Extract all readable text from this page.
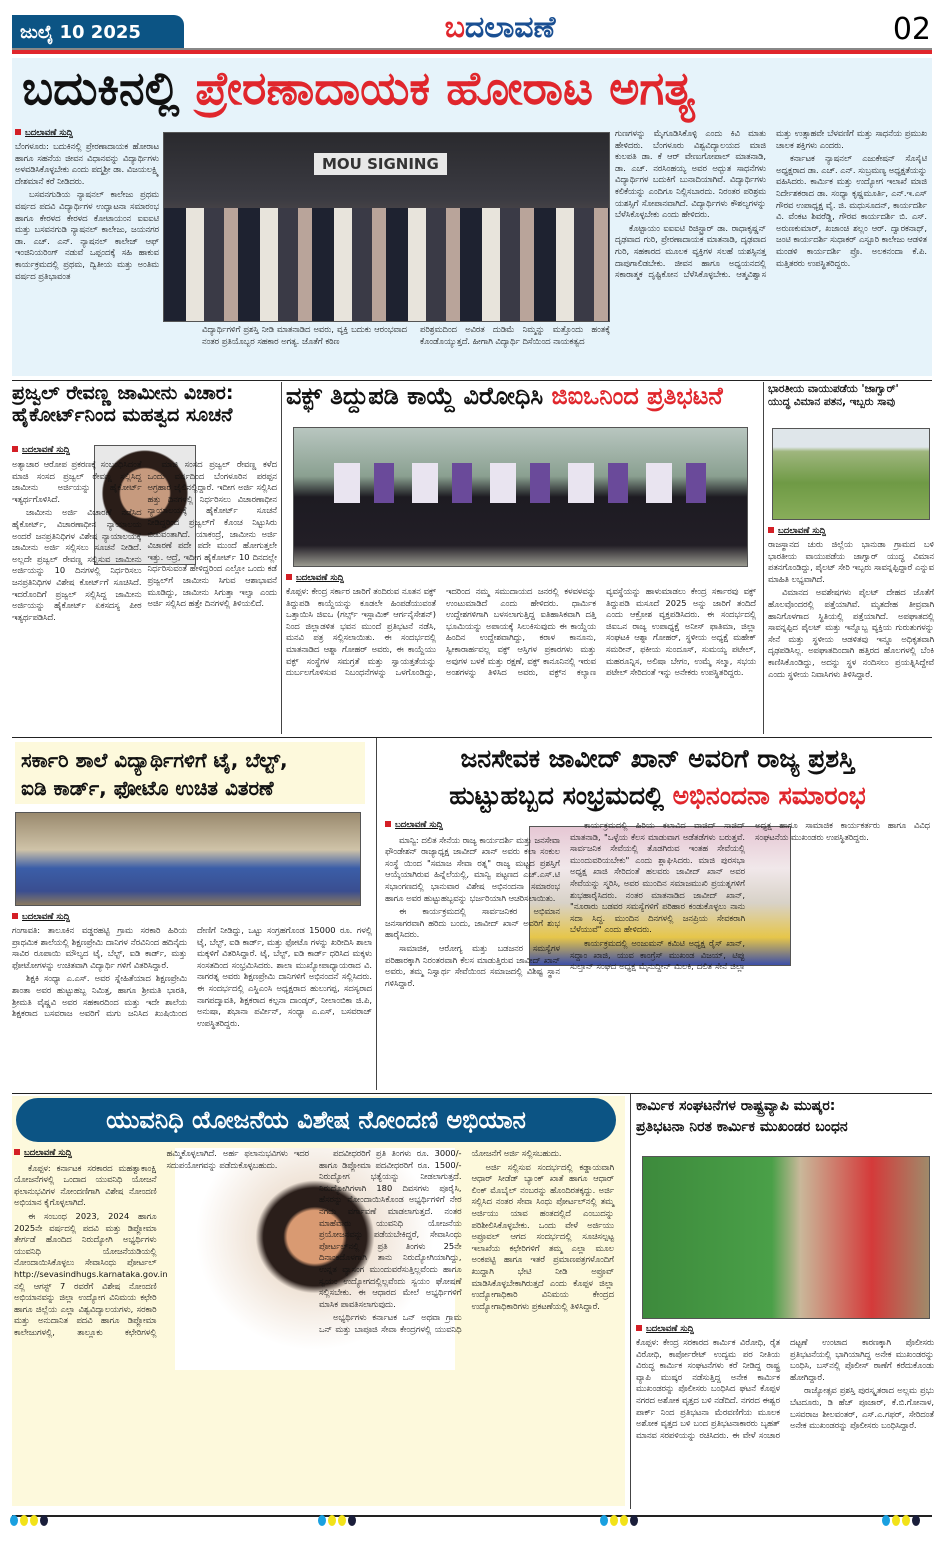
ಜುಲೈ 10 2025	ಬದಲಾವಣೆ	02
ಬದುಕಿನಲ್ಲಿ ಪ್ರೇರಣಾದಾಯಕ ಹೋರಾಟ ಅಗತ್ಯ
ಬದಲಾವಣೆ ಸುದ್ದಿ

ಬೆಂಗಳೂರು: ಬದುಕಿನಲ್ಲಿ ಪ್ರೇರಣಾದಾಯಕ ಹೋರಾಟ ಹಾಗೂ ಸಹನೆಯ ಜೀವನ ವಿಧಾನವನ್ನು ವಿದ್ಯಾರ್ಥಿಗಳು ಅಳವಡಿಸಿಕೊಳ್ಳಬೇಕು ಎಂದು ಪದ್ಮಶ್ರೀ ಡಾ. ವಿಜಯಲಕ್ಷ್ಮಿ ದೇಶಮಾನೆ ಕರೆ ನೀಡಿದರು.

ಬಸವನಗುಡಿಯ ನ್ಯಾಷನಲ್ ಕಾಲೇಜು ಪ್ರಥಮ ವರ್ಷದ ಪದವಿ ವಿದ್ಯಾರ್ಥಿಗಳ ಉದ್ಘಾಟನಾ ಸಮಾರಂಭ ಹಾಗೂ ಕೇರಳದ ಕೇರಳದ ಕೋಟಾಯಂನ ಐಐಐಟಿ ಮತ್ತು ಬಸವನಗುಡಿ ನ್ಯಾಷನಲ್ ಕಾಲೇಜು, ಜಯನಗರ ಡಾ. ಎಚ್. ಎನ್. ನ್ಯಾಷನಲ್ ಕಾಲೇಜ್ ಆಫ್ ಇಂಜಿನಿಯರಿಂಗ್ ನಡುವೆ ಒಪ್ಪಂದಕ್ಕೆ ಸಹಿ ಹಾಕುವ ಕಾರ್ಯಕ್ರಮದಲ್ಲಿ ಪ್ರಥಮ, ದ್ವಿತೀಯ ಮತ್ತು ಅಂತಿಮ ವರ್ಷದ ಪ್ರತಿಭಾವಂತ

MOU SIGNING
ವಿದ್ಯಾರ್ಥಿಗಳಿಗೆ ಪ್ರಶಸ್ತಿ ನೀಡಿ ಮಾತನಾಡಿದ ಅವರು, ವ್ಯಕ್ತಿ ಬದುಕು ಆರಂಭವಾದ ನಂತರ ಪ್ರತಿಯೊಬ್ಬರ ಸಹಕಾರ ಅಗತ್ಯ. ಜೊತೆಗೆ ಕಠಿಣ
ಪರಿಶ್ರಮದಿಂದ ಅವಿರತ ದುಡಿಮೆ ನಿಮ್ಮನ್ನು ಮತ್ತೊಂದು ಹಂತಕ್ಕೆ ಕೊಂಡೊಯ್ಯುತ್ತದೆ. ಹೀಗಾಗಿ ವಿದ್ಯಾರ್ಥಿ ದಿಸೆಯಿಂದ ನಾಯಕತ್ವದ

ಗುಣಗಳನ್ನು ಮೈಗೂಡಿಸಿಕೊಳ್ಳಿ ಎಂದು ಕಿವಿ ಮಾತು ಹೇಳಿದರು. ಬೆಂಗಳೂರು ವಿಶ್ವವಿದ್ಯಾಲಯದ ಮಾಜಿ ಕುಲಪತಿ ಡಾ. ಕೆ ಆರ್ ವೇಣುಗೋಪಾಲ್ ಮಾತನಾಡಿ, ಡಾ. ಎಚ್. ನರಸಿಂಹಯ್ಯ ಅವರ ಅದ್ಭುತ ಸಾಧನೆಗಳು ವಿದ್ಯಾರ್ಥಿಗಳ ಬದುಕಿಗೆ ಬುನಾದಿಯಾಗಿವೆ. ವಿದ್ಯಾರ್ಥಿಗಳು ಕಲಿಕೆಯನ್ನು ಎಂದಿಗೂ ನಿಲ್ಲಿಸಬಾರದು. ನಿರಂತರ ಪರಿಶ್ರಮ ಯಶಸ್ಸಿಗೆ ಸೋಪಾನವಾಗಿದೆ. ವಿದ್ಯಾರ್ಥಿಗಳು ಕೌಶಲ್ಯಗಳನ್ನು ಬೆಳೆಸಿಕೊಳ್ಳಬೇಕು ಎಂದು ಹೇಳಿದರು.

ಕೊಟ್ಟಾಯಂ ಐಐಐಟಿ ರಿಜಿಸ್ಟ್ರಾರ್ ಡಾ. ರಾಧಾಕೃಷ್ಣನ್ ದೃಢವಾದ ಗುರಿ, ಪ್ರೇರಣಾದಾಯಕ ಮಾತನಾಡಿ, ದೃಢವಾದ ಗುರಿ, ಸಹಕಾರದ ಮೂಲಕ ವ್ಯಕ್ತಿಗಳ ಸಲಹೆ ಯಶಸ್ಸಿನತ್ತ ದಾಪುಗಾಲಿಡಬೇಕು. ಜೀವನ ಹಾಗೂ ಅಧ್ಯಯನದಲ್ಲಿ ಸಕಾರಾತ್ಮಕ ದೃಷ್ಟಿಕೋನ ಬೆಳೆಸಿಕೊಳ್ಳಬೇಕು. ಆತ್ಮವಿಶ್ವಾಸ ಮತ್ತು ಉತ್ಸಾಹವೇ ಬೆಳವಣಿಗೆ ಮತ್ತು ಸಾಧನೆಯ ಪ್ರಮುಖ ಚಾಲಕ ಶಕ್ತಿಗಳು ಎಂದರು.

ಕರ್ನಾಟಕ ನ್ಯಾಷನಲ್ ಎಜುಕೇಷನ್ ಸೊಸೈಟಿ ಅಧ್ಯಕ್ಷರಾದ ಡಾ. ಎಚ್. ಎನ್. ಸುಬ್ರಮಣ್ಯ ಅಧ್ಯಕ್ಷತೆಯನ್ನು ವಹಿಸಿದರು. ಕಾರ್ಮಿಕ ಮತ್ತು ಉದ್ಯೋಗ ಇಲಾಖೆ ಮಾಜಿ ನಿರ್ದೇಶಕರಾದ ಡಾ. ಸಂಧ್ಯಾ ಕೃಷ್ಣಮೂರ್ತಿ, ಎನ್.ಇ.ಎಸ್ ಗೌರವ ಉಪಾಧ್ಯಕ್ಷ ವೈ. ಜಿ. ಮಧುಸೂದನ್, ಕಾರ್ಯದರ್ಶಿ ವಿ. ವೆಂಕಟ ಶಿವರೆಡ್ಡಿ, ಗೌರವ ಕಾರ್ಯದರ್ಶಿ ಬಿ. ಎಸ್. ಅರುಣಕುಮಾರ್, ಖಜಾಂಚಿ ಶಲ್ಲಂ ಆರ್. ದ್ವಾರಕನಾಥ್, ಜಂಟಿ ಕಾರ್ಯದರ್ಶಿ ಸುಧಾಕರ್ ಎಸ್ಟೂರಿ ಕಾಲೇಜು ಆಡಳಿತ ಮಂಡಳಿ ಕಾರ್ಯದರ್ಶಿ ಪ್ರೊ. ಅಲಕನಂದಾ ಕೆ.ಪಿ. ಮತ್ತಿತರರು ಉಪಸ್ಥಿತರಿದ್ದರು.

ಪ್ರಜ್ವಲ್ ರೇವಣ್ಣ ಜಾಮೀನು ವಿಚಾರ:
ಹೈಕೋರ್ಟ್‌ನಿಂದ ಮಹತ್ವದ ಸೂಚನೆ
ಬದಲಾವಣೆ ಸುದ್ದಿ

ಅತ್ಯಾಚಾರ ಆರೋಪ ಪ್ರಕರಣಕ್ಕೆ ಸಂಬಂಧಿಸಿದಂತೆ ಮಾಜಿ ಸಂಸದ ಪ್ರಜ್ವಲ್ ರೇವಣ್ಣ ಸಲ್ಲಿಸಿದ್ದ ಜಾಮೀನು ಅರ್ಜಿಯನ್ನು ಹೈಕೋರ್ಟ್ ಇತ್ಯರ್ಥಗೊಳಿಸಿದೆ.

ಜಾಮೀನು ಅರ್ಜಿ ವಿಚಾರಣೆ ನಡೆಸಿದ ಹೈಕೋರ್ಟ್, ವಿಚಾರಣಾಧೀನ ನ್ಯಾಯಾಲಯ ಅಂದರೆ ಜನಪ್ರತಿನಿಧಿಗಳ ವಿಶೇಷ ನ್ಯಾಯಾಲಯಕ್ಕೆ ಜಾಮೀನು ಅರ್ಜಿ ಸಲ್ಲಿಸಲು ಸೂಚನೆ ನೀಡಿದೆ. ಅಲ್ಲದೇ ಪ್ರಜ್ವಲ್ ರೇವಣ್ಣ ಸಲ್ಲಿಸುವ ಜಾಮೀನು ಅರ್ಜಿಯನ್ನು 10 ದಿನಗಳಲ್ಲಿ ನಿರ್ಧರಿಸಲು ಜನಪ್ರತಿನಿಧಿಗಳ ವಿಶೇಷ ಕೋರ್ಟ್‌ಗೆ ಸೂಚಿಸಿದೆ. ಇದರೊಂದಿಗೆ ಪ್ರಜ್ವಲ್ ಸಲ್ಲಿಸಿದ್ದ ಜಾಮೀನು ಅರ್ಜಿಯನ್ನು ಹೈಕೋರ್ಟ್ ಏಕಸದಸ್ಯ ಪೀಠ ಇತ್ಯರ್ಥಪಡಿಸಿದೆ.

ಮಾಜಿ ಸಂಸದ ಪ್ರಜ್ವಲ್ ರೇವಣ್ಣ ಕಳೆದ ಒಂದು ವರ್ಷದಿಂದ ಬೆಂಗಳೂರಿನ ಪರಪ್ಪನ ಅಗ್ರಹಾರ ಜೈಲಿನಲ್ಲಿದ್ದಾರೆ. ಇದೀಗ ಅರ್ಜಿ ಸಲ್ಲಿಸಿದ ಹತ್ತು ದಿನಗಳಲ್ಲಿ ನಿರ್ಧರಿಸಲು ವಿಚಾರಣಾಧೀನ ನ್ಯಾಯಾಲಯಕ್ಕೆ ಹೈಕೋರ್ಟ್ ಸೂಚನೆ ನೀಡಿದ್ದರಿಂದ ಪ್ರಜ್ವಲ್‌ಗೆ ಕೊಂಚ ನಿಟ್ಟುಸಿರು ಬಿಡುವಂತಾಗಿದೆ. ಯಾಕಂದ್ರೆ, ಜಾಮೀನು ಅರ್ಜಿ ವಿಚಾರಣೆ ಪದೇ ಪದೇ ಮುಂದೆ ಹೋಗುತ್ತಲೇ ಇತ್ತು. ಆದ್ರೆ, ಇದೀಗ ಹೈಕೋರ್ಟ್ 10 ದಿನದಲ್ಲೇ ನಿರ್ಧರಿಸುವಂತೆ ಹೇಳಿದ್ದರಿಂದ ಎಲ್ಲೋ ಒಂದು ಕಡೆ ಪ್ರಜ್ವಲ್‌ಗೆ ಜಾಮೀನು ಸಿಗುವ ಆಶಾಭಾವನೆ ಮೂಡಿದ್ದು, ಜಾಮೀನು ಸಿಗುತ್ತಾ ಇಲ್ವಾ ಎಂದು ಅರ್ಜಿ ಸಲ್ಲಿಸಿದ ಹತ್ತೇ ದಿನಗಳಲ್ಲಿ ತಿಳಿಯಲಿದೆ.

ವಕ್ಫ್ ತಿದ್ದುಪಡಿ ಕಾಯ್ದೆ ವಿರೋಧಿಸಿ ಜಿಐಒನಿಂದ ಪ್ರತಿಭಟನೆ
ಬದಲಾವಣೆ ಸುದ್ದಿ

ಕೊಪ್ಪಳ: ಕೇಂದ್ರ ಸರ್ಕಾರ ಜಾರಿಗೆ ತಂದಿರುವ ನೂತನ ವಕ್ಫ್ ತಿದ್ದುಪಡಿ ಕಾಯ್ದೆಯನ್ನು ಕೂಡಲೇ ಹಿಂಪಡೆಯುವಂತೆ ಒತ್ತಾಯಿಸಿ ಜಿಐಒ (ಗರ್ಲ್ಸ್ ಇಸ್ಲಾಮಿಕ್ ಆರ್ಗನೈಸೇಶನ್) ನಿಂದ ಜಿಲ್ಲಾಡಳಿತ ಭವನ ಮುಂದೆ ಪ್ರತಿಭಟನೆ ನಡೆಸಿ, ಮನವಿ ಪತ್ರ ಸಲ್ಲಿಸಲಾಯಿತು. ಈ ಸಂದರ್ಭದಲ್ಲಿ ಮಾತನಾಡಿದ ಆಶ್ನಾ ಗೋಹರ್ ಅವರು, ಈ ಕಾಯ್ದೆಯು ವಕ್ಫ್ ಸಂಸ್ಥೆಗಳ ಸಮಗ್ರತೆ ಮತ್ತು ಸ್ವಾಯತ್ತತೆಯನ್ನು ದುರ್ಬಲಗೊಳಿಸುವ ನಿಬಂಧನೆಗಳನ್ನು ಒಳಗೊಂಡಿದ್ದು, ಇದರಿಂದ ನಮ್ಮ ಸಮುದಾಯದ ಜನರಲ್ಲಿ ಕಳವಳವನ್ನು ಉಂಟುಮಾಡಿದೆ ಎಂದು ಹೇಳಿದರು. ಧಾರ್ಮಿಕ ಉದ್ದೇಶಗಳಿಗಾಗಿ ಬಳಸಲಾಗುತ್ತಿದ್ದ ಐತಿಹಾಸಿಕವಾಗಿ ದತ್ತಿ ಭೂಮಿಯನ್ನು ಅಪಾಯಕ್ಕೆ ಸಿಲುಕಿಸುವುದು ಈ ಕಾಯ್ದೆಯ ಹಿಂದಿನ ಉದ್ದೇಶವಾಗಿದ್ದು, ಕರಾಳ ಕಾನೂನು, ಸ್ವೀಕಾರಾರ್ಹವಲ್ಲ ವಕ್ಫ್ ಆಸ್ತಿಗಳ ಪ್ರಕಾರಗಳು ಮತ್ತು ಅವುಗಳ ಬಳಕೆ ಮತ್ತು ರಕ್ಷಣೆ, ವಕ್ಫ್ ಕಾನೂನಿನಲ್ಲಿ ಇರುವ ಅಂಶಗಳನ್ನು ತಿಳಿಸಿದ ಅವರು, ವಕ್ಫ್‌ನ ಕಲ್ಯಾಣ ವ್ಯವಸ್ಥೆಯನ್ನು ಹಾಳುಮಾಡಲು ಕೇಂದ್ರ ಸರ್ಕಾರವು ವಕ್ಫ್ ತಿದ್ದುಪಡಿ ಮಸೂದೆ 2025 ಅನ್ನು ಜಾರಿಗೆ ತಂದಿದೆ ಎಂದು ಆಕ್ರೋಶ ವ್ಯಕ್ತಪಡಿಸಿದರು. ಈ ಸಂದರ್ಭದಲ್ಲಿ ಜಿಐಒನ ರಾಜ್ಯ ಉಪಾಧ್ಯಕ್ಷೆ ಅನೀಸ್ ಫಾತಿಮಾ, ಜಿಲ್ಲಾ ಸಂಘಟಕಿ ಆಶ್ನಾ ಗೋಹರ್, ಸ್ಥಳೀಯ ಅಧ್ಯಕ್ಷೆ ಮಹೇಕ್ ಸಮರೀನ್, ಫಕೀಯ ಸುಂದೂಸ್, ಸುಮಯ್ಯ ಪಟೇಲ್, ಮಹರೂನ್ನಿಸ, ಅಲಿಷಾ ಬೇಗಂ, ಉಮ್ಮೆ ಸಲ್ಮಾ, ಸಭಯ ಪಟೇಲ್ ಸೇರಿದಂತೆ ಇನ್ನು ಅನೇಕರು ಉಪಸ್ಥಿತರಿದ್ದರು.

ಭಾರತೀಯ ವಾಯುಪಡೆಯ 'ಜಾಗ್ವಾರ್'
ಯುದ್ಧ ವಿಮಾನ ಪತನ, ಇಬ್ಬರು ಸಾವು
ಬದಲಾವಣೆ ಸುದ್ದಿ

ರಾಜಸ್ಥಾನದ ಚುರು ಜಿಲ್ಲೆಯ ಭಾನುಡಾ ಗ್ರಾಮದ ಬಳಿ ಭಾರತೀಯ ವಾಯುಪಡೆಯ ಜಾಗ್ವಾರ್ ಯುದ್ಧ ವಿಮಾನ ಪತನಗೊಂಡಿದ್ದು, ಪೈಲಟ್ ಸೇರಿ ಇಬ್ಬರು ಸಾವನ್ನಪ್ಪಿದ್ದಾರೆ ಎನ್ನುವ ಮಾಹಿತಿ ಲಭ್ಯವಾಗಿದೆ.

ವಿಮಾನದ ಅವಶೇಷಗಳು ಪೈಲಟ್ ದೇಹದ ಜೊತೆಗೆ ಹೊಲವೊಂದರಲ್ಲಿ ಪತ್ತೆಯಾಗಿವೆ. ಮೃತದೇಹ ತೀವ್ರವಾಗಿ ಹಾನಿಗೊಳಗಾದ ಸ್ಥಿತಿಯಲ್ಲಿ ಪತ್ತೆಯಾಗಿದೆ. ಅಪಘಾತದಲ್ಲಿ ಸಾವನ್ನಪ್ಪಿದ ಪೈಲಟ್ ಮತ್ತು ಇನ್ನೊಬ್ಬ ವ್ಯಕ್ತಿಯ ಗುರುತುಗಳನ್ನು ಸೇನೆ ಮತ್ತು ಸ್ಥಳೀಯ ಆಡಳಿತವು ಇನ್ನೂ ಅಧಿಕೃತವಾಗಿ ದೃಢಪಡಿಸಿಲ್ಲ. ಅಪಘಾತದಿಂದಾಗಿ ಹತ್ತಿರದ ಹೊಲಗಳಲ್ಲಿ ಬೆಂಕಿ ಕಾಣಿಸಿಕೊಂಡಿದ್ದು, ಅದನ್ನು ಸ್ಥಳ ನಂದಿಸಲು ಪ್ರಯತ್ನಿಸಿದ್ದೇವೆ ಎಂದು ಸ್ಥಳೀಯ ನಿವಾಸಿಗಳು ತಿಳಿಸಿದ್ದಾರೆ.

ಸರ್ಕಾರಿ ಶಾಲೆ ವಿದ್ಯಾರ್ಥಿಗಳಿಗೆ ಟೈ, ಬೆಲ್ಟ್,
ಐಡಿ ಕಾರ್ಡ್, ಫೋಟೊ ಉಚಿತ ವಿತರಣೆ
ಬದಲಾವಣೆ ಸುದ್ದಿ

ಗಂಗಾವತಿ: ತಾಲೂಕಿನ ವಡ್ಡರಹಟ್ಟಿ ಗ್ರಾಮ ಸರಕಾರಿ ಹಿರಿಯ ಪ್ರಾಥಮಿಕ ಶಾಲೆಯಲ್ಲಿ ಶಿಕ್ಷಣಪ್ರೇಮಿ ದಾನಿಗಳ ನೆರವಿನಿಂದ ಹದಿನೈದು ಸಾವಿರ ರೂಪಾಯಿ ಮೌಲ್ಯದ ಟೈ, ಬೆಲ್ಟ್, ಐಡಿ ಕಾರ್ಡ್, ಮತ್ತು ಫೋಟೋಗಳನ್ನು ಉಚಿತವಾಗಿ ವಿದ್ಯಾರ್ಥಿ ಗಳಿಗೆ ವಿತರಿಸಿದ್ದಾರೆ.

ಶಿಕ್ಷಕಿ ಸಂಧ್ಯಾ ಎ.ಎಸ್. ಅವರ ಸ್ನೇಹಿತೆಯಾದ ಶಿಕ್ಷಣಪ್ರೇಮಿ ಶಾಂತಾ ಅವರ ಹುಟ್ಟುಹಬ್ಬ ನಿಮಿತ್ತ, ಹಾಗೂ ಶ್ರೀಮತಿ ಭಾರತಿ, ಶ್ರೀಮತಿ ವೈಷ್ಣವಿ ಅವರ ಸಹಕಾರದಿಂದ ಮತ್ತು ಇದೇ ಶಾಲೆಯ ಶಿಕ್ಷಕರಾದ ಬಸವರಾಜ ಅವರಿಗೆ ಮಗು ಜನಿಸಿದ ಖುಷಿಯಿಂದ ದೇಣಿಗೆ ನೀಡಿದ್ದು, ಒಟ್ಟು ಸಂಗ್ರಹಗೊಂಡ 15000 ರೂ. ಗಳಲ್ಲಿ ಟೈ, ಬೆಲ್ಟ್, ಐಡಿ ಕಾರ್ಡ್, ಮತ್ತು ಫೋಟೊ ಗಳನ್ನು ಖರೀದಿಸಿ ಶಾಲಾ ಮಕ್ಕಳಿಗೆ ವಿತರಿಸಿದ್ದಾರೆ. ಟೈ, ಬೆಲ್ಟ್, ಐಡಿ ಕಾರ್ಡ್ ಧರಿಸಿದ ಮಕ್ಕಳು ಸಂಸತದಿಂದ ಸಂಭ್ರಮಿಸಿದರು. ಶಾಲಾ ಮುಖ್ಯೋಪಾಧ್ಯಾಯರಾದ ವಿ. ನಾಗರತ್ನ ಅವರು ಶಿಕ್ಷಣಪ್ರೇಮಿ ದಾನಿಗಳಿಗೆ ಅಭಿನಂದನೆ ಸಲ್ಲಿಸಿದರು. ಈ ಸಂದರ್ಭದಲ್ಲಿ ಎಸ್ಡಿಎಂಸಿ ಅಧ್ಯಕ್ಷರಾದ ಹುಲುಗಪ್ಪ, ಸದಸ್ಯರಾದ ನಾಗಪದ್ಮಾವತಿ, ಶಿಕ್ಷಕರಾದ ಕಲ್ಪನಾ ದಾಂಡ್ಕರ್, ನೀಲಾಂಬಿಕಾ ಜಿ.ಪಿ, ಅನುಷಾ, ಶಭಾನಾ ಪರ್ವೀನ್, ಸಂಧ್ಯಾ ಎ.ಎಸ್, ಬಸವರಾಜ್ ಉಪಸ್ಥಿತರಿದ್ದರು.

ಜನಸೇವಕ ಜಾವೀದ್ ಖಾನ್ ಅವರಿಗೆ ರಾಜ್ಯ ಪ್ರಶಸ್ತಿ
ಹುಟ್ಟುಹಬ್ಬದ ಸಂಭ್ರಮದಲ್ಲಿ ಅಭಿನಂದನಾ ಸಮಾರಂಭ
ಬದಲಾವಣೆ ಸುದ್ದಿ

ಮಾನ್ವಿ: ದಲಿತ ಸೇನೆಯ ರಾಜ್ಯ ಕಾರ್ಯದರ್ಶಿ ಮತ್ತು ಜನಸೇವಾ ಫೌಂಡೇಶನ್ ರಾಜ್ಯಾಧ್ಯಕ್ಷ ಜಾವೀದ್ ಖಾನ್ ಅವರು ಕಲಾ ಸಂಕುಲ ಸಂಸ್ಥೆ ಯಿಂದ "ಸಮಾಜ ಸೇವಾ ರತ್ನ" ರಾಜ್ಯ ಮಟ್ಟದ ಪ್ರಶಸ್ತಿಗೆ ಆಯ್ಕೆಯಾಗಿರುವ ಹಿನ್ನೆಲೆಯಲ್ಲಿ, ಮಾನ್ವಿ ಪಟ್ಟಣದ ಎಚ್.ಎಸ್.ಟಿ ಸಭಾಂಗಣದಲ್ಲಿ ಭಾನುವಾರ ವಿಶೇಷ ಅಭಿನಂದನಾ ಸಮಾರಂಭ ಹಾಗೂ ಅವರ ಹುಟ್ಟುಹಬ್ಬವನ್ನು ಭರ್ಜರಿಯಾಗಿ ಆಚರಿಸಲಾಯಿತು.

ಈ ಕಾರ್ಯಕ್ರಮದಲ್ಲಿ ಸಾರ್ವಜನಿಕರ ಅಭಿಮಾನ ಜನಸಾಗರವಾಗಿ ಹರಿದು ಬಂದು, ಜಾವೀದ್ ಖಾನ್ ಅವರಿಗೆ ಶುಭ ಹಾರೈಸಿದರು.

ಸಾಮಾಜಿಕ, ಆರೋಗ್ಯ ಮತ್ತು ಬಡಜನರ ಸಮಸ್ಯೆಗಳ ಪರಿಹಾರಕ್ಕಾಗಿ ನಿರಂತರವಾಗಿ ಕೆಲಸ ಮಾಡುತ್ತಿರುವ ಜಾವೀದ್ ಖಾನ್ ಅವರು, ತಮ್ಮ ನಿಸ್ವಾರ್ಥ ಸೇವೆಯಿಂದ ಸಮಾಜದಲ್ಲಿ ವಿಶಿಷ್ಟ ಸ್ಥಾನ ಗಳಿಸಿದ್ದಾರೆ.

ಕಾರ್ಯಕ್ರಮದಲ್ಲಿ ಹಿರಿಯ ಕಲಾವಿದ ವಾಜಿದ್ ಸಾಜಿದ್ ಮಾತನಾಡಿ, "ಒಳ್ಳೆಯ ಕೆಲಸ ಮಾಡುವಾಗ ಅಡೆತಡೆಗಳು ಬರುತ್ತವೆ. ಸಾರ್ವಜನಿಕ ಸೇವೆಯಲ್ಲಿ ತೊಡಗಿರುವ ಇಂತಹ ಸೇವೆಯಲ್ಲಿ ಮುಂದುವರಿಯಬೇಕು" ಎಂದು ಶ್ಲಾಘಿಸಿದರು. ಮಾಜಿ ಪುರಸಭಾ ಅಧ್ಯಕ್ಷ ಖಾಜಿ ಸೇರಿದಂತೆ ಹಲವರು ಜಾವೀದ್ ಖಾನ್ ಅವರ ಸೇವೆಯನ್ನು ಸ್ಮರಿಸಿ, ಅವರ ಮುಂದಿನ ಸಮಾಜಮುಖಿ ಪ್ರಯತ್ನಗಳಿಗೆ ಶುಭಹಾರೈಸಿದರು. ನಂತರ ಮಾತನಾಡಿದ ಜಾವೀದ್ ಖಾನ್, "ನೂರಾರು ಬಡವರ ಸಮಸ್ಯೆಗಳಿಗೆ ಪರಿಹಾರ ಕಂಡುಕೊಳ್ಳಲು ನಾನು ಸದಾ ಸಿದ್ಧ. ಮುಂದಿನ ದಿನಗಳಲ್ಲಿ ಜನಪ್ರಿಯ ಸೇವಕರಾಗಿ ಬೆಳೆಯುವೆ" ಎಂದು ಹೇಳಿದರು.

ಕಾರ್ಯಕ್ರಮದಲ್ಲಿ ಅಂಜುಮನ್ ಕಮಿಟಿ ಅಧ್ಯಕ್ಷ ರೈಸ್ ಖಾನ್, ಸದ್ದಾಂ ಖಾಜಿ, ಯುವ ಕಾಂಗ್ರೆಸ್ ಮುಖಂಡ ವಿಜಯ್, ಟಿಪ್ಪು ಸುಲ್ತಾನ್ ಸಂಘದ ಅಧ್ಯಕ್ಷ ಮೈನುದ್ದೀನ್ ಮಿಲಕಿ, ದಲಿತ ಸೇನೆ ಜಿಲ್ಲಾ ಅಧ್ಯಕ್ಷ ಹಾಗೂ ಸಾಮಾಜಿಕ ಕಾರ್ಯಕರ್ತರು ಹಾಗೂ ವಿವಿಧ ಸಂಘಟನೆಯ ಮುಖಂಡರು ಉಪಸ್ಥಿತರಿದ್ದರು.

ಯುವನಿಧಿ ಯೋಜನೆಯ ವಿಶೇಷ ನೋಂದಣಿ ಅಭಿಯಾನ
ಬದಲಾವಣೆ ಸುದ್ದಿ

ಕೊಪ್ಪಳ: ಕರ್ನಾಟಕ ಸರಕಾರದ ಮಹತ್ವಾಕಾಂಕ್ಷಿ ಯೋಜನೆಗಳಲ್ಲಿ ಒಂದಾದ ಯುವನಿಧಿ ಯೋಜನೆ ಫಲಾನುಭವಿಗಳ ನೋಂದಣಿಗಾಗಿ ವಿಶೇಷ ನೋಂದಣಿ ಅಭಿಯಾನ ಕೈಗೊಳ್ಳಲಾಗಿದೆ.

ಈ ಸಂಬಂಧ 2023, 2024 ಹಾಗೂ 2025ನೇ ವರ್ಷದಲ್ಲಿ ಪದವಿ ಮತ್ತು ಡಿಪ್ಲೋಮಾ ತೇರ್ಗಡೆ ಹೊಂದಿದ ನಿರುದ್ಯೋಗಿ ಅಭ್ಯರ್ಥಿಗಳು ಯುವನಿಧಿ ಯೋಜನೆಯಡಿಯಲ್ಲಿ ನೋಂದಾಯಿಸಿಕೊಳ್ಳಲು ಸೇವಾಸಿಂಧು ಪೋರ್ಟಲ್ http://sevasindhugs.karnataka.gov.in ನಲ್ಲಿ ಆಗಸ್ಟ್ 7 ರವರೆಗೆ ವಿಶೇಷ ನೋಂದಣಿ ಅಭಿಯಾನವನ್ನು ಜಿಲ್ಲಾ ಉದ್ಯೋಗ ವಿನಿಮಯ ಕಛೇರಿ ಹಾಗೂ ಜಿಲ್ಲೆಯ ಎಲ್ಲಾ ವಿಶ್ವವಿದ್ಯಾಲಯಗಳು, ಸರಕಾರಿ ಮತ್ತು ಅನುದಾನಿತ ಪದವಿ ಹಾಗೂ ಡಿಪ್ಲೋಮಾ ಕಾಲೇಜುಗಳಲ್ಲಿ, ತಾಲ್ಲೂಕು ಕಛೇರಿಗಳಲ್ಲಿ ಹಮ್ಮಿಕೊಳ್ಳಲಾಗಿದೆ. ಅರ್ಹ ಫಲಾನುಭವಿಗಳು ಇದರ ಸದುಪಯೋಗವನ್ನು ಪಡೆದುಕೊಳ್ಳಬಹುದು.

ಪದವೀಧರರಿಗೆ ಪ್ರತಿ ತಿಂಗಳು ರೂ. 3000/- ಹಾಗೂ ಡಿಪ್ಲೋಮಾ ಪದವೀಧರರಿಗೆ ರೂ. 1500/- ನಿರುದ್ಯೋಗ ಭತ್ಯೆಯನ್ನು ನೀಡಲಾಗುತ್ತದೆ. ನಿರುದ್ಯೋಗಿಗಳಾಗಿ 180 ದಿವಸಗಳು ಪೂರೈಸಿ, ಹೆಸರನ್ನು ನೋಂದಾಯಿಸಿಕೊಂಡ ಅಭ್ಯರ್ಥಿಗಳಿಗೆ ನೇರ ನಗದು ವರ್ಗಾವಣೆ ಮಾಡಲಾಗುತ್ತದೆ. ನಂತರ ಮಾಹೆವಾರು ಯುವನಿಧಿ ಯೋಜನೆಯ ಪ್ರಯೋಜನವನ್ನು ಪಡೆಯಬೇಕಿದ್ದರೆ, ಸೇವಾಸಿಂಧು ಪೋರ್ಟಲ್‌ನಲ್ಲಿ ಪ್ರತಿ ತಿಂಗಳು 25ನೇ ದಿನಾಂಕದೊಳಗಾಗಿ ತಾನು ನಿರುದ್ಯೋಗಿಯಾಗಿದ್ದು, ಉನ್ನತ ವ್ಯಾಸಂಗ ಮುಂದುವರೆಸುತ್ತಿಲ್ಲವೆಂದು ಹಾಗೂ ಸ್ವಯಂ ಉದ್ಯೋಗದಲ್ಲಿಲ್ಲವೆಂದು ಸ್ವಯಂ ಘೋಷಣೆ ಸಲ್ಲಿಸಬೇಕು. ಈ ಆಧಾರದ ಮೇಲೆ ಅಭ್ಯರ್ಥಿಗಳಿಗೆ ಮಾಸಿಕ ಪಾವತಿಸಲಾಗುವುದು.

ಅಭ್ಯರ್ಥಿಗಳು ಕರ್ನಾಟಕ ಒನ್ ಅಥವಾ ಗ್ರಾಮ ಒನ್ ಮತ್ತು ಬಾಪೂಜಿ ಸೇವಾ ಕೇಂದ್ರಗಳಲ್ಲಿ ಯುವನಿಧಿ ಯೋಜನೆಗೆ ಅರ್ಜಿ ಸಲ್ಲಿಸಬಹುದು.

ಅರ್ಜಿ ಸಲ್ಲಿಸುವ ಸಂದರ್ಭದಲ್ಲಿ ಕಡ್ಡಾಯವಾಗಿ ಆಧಾರ್ ಸೀಡೆಡ್ ಬ್ಯಾಂಕ್ ಖಾತೆ ಹಾಗೂ ಆಧಾರ್ ಲಿಂಕ್ ಮೊಬೈಲ್ ನಂಬರನ್ನು ಹೊಂದಿರತಕ್ಕದ್ದು. ಅರ್ಜಿ ಸಲ್ಲಿಸಿದ ನಂತರ ಸೇವಾ ಸಿಂಧು ಪೋರ್ಟಲ್‌ನಲ್ಲಿ ತಮ್ಮ ಅರ್ಜಿಯು ಯಾವ ಹಂತದಲ್ಲಿದೆ ಎಂಬುದನ್ನು ಪರಿಶೀಲಿಸಿಕೊಳ್ಳಬೇಕು. ಒಂದು ವೇಳೆ ಅರ್ಜಿಯು ಅಪ್ರೂವಲ್ ಆಗದ ಸಂದರ್ಭದಲ್ಲಿ ಸೂಚಿಸಲ್ಪಟ್ಟ ಇಲಾಖೆಯ ಕಛೇರಿಗಳಿಗೆ ತಮ್ಮ ಎಲ್ಲಾ ಮೂಲ ಅಂಕಪಟ್ಟಿ ಹಾಗೂ ಇತರೆ ಪ್ರಮಾಣಪತ್ರಗಳೊಂದಿಗೆ ಖುದ್ದಾಗಿ ಭೇಟಿ ನೀಡಿ ಅಪ್ರೂವ್ ಮಾಡಿಸಿಕೊಳ್ಳಬೇಕಾಗಿರುತ್ತದೆ ಎಂದು ಕೊಪ್ಪಳ ಜಿಲ್ಲಾ ಉದ್ಯೋಗಾಧಿಕಾರಿ ವಿನಿಮಯ ಕೇಂದ್ರದ ಉದ್ಯೋಗಾಧಿಕಾರಿಗಳು ಪ್ರಕಟಣೆಯಲ್ಲಿ ತಿಳಿಸಿದ್ದಾರೆ.

ಕಾರ್ಮಿಕ ಸಂಘಟನೆಗಳ ರಾಷ್ಟ್ರವ್ಯಾಪಿ ಮುಷ್ಕರ:
ಪ್ರತಿಭಟನಾ ನಿರತ ಕಾರ್ಮಿಕ ಮುಖಂಡರ ಬಂಧನ
ಬದಲಾವಣೆ ಸುದ್ದಿ

ಕೊಪ್ಪಳ: ಕೇಂದ್ರ ಸರಕಾರದ ಕಾರ್ಮಿಕ ವಿರೋಧಿ, ರೈತ ವಿರೋಧಿ, ಕಾರ್ಪೋರೇಟ್ ಉದ್ಯಮ ಪರ ನೀತಿಯ ವಿರುದ್ಧ ಕಾರ್ಮಿಕ ಸಂಘಟನೆಗಳು ಕರೆ ನೀಡಿದ್ದ ರಾಷ್ಟ್ರ ವ್ಯಾಪಿ ಮುಷ್ಕರ ನಡೆಸುತ್ತಿದ್ದ ಅನೇಕ ಕಾರ್ಮಿಕ ಮುಖಂಡರನ್ನು ಪೊಲೀಸರು ಬಂಧಿಸಿದ ಘಟನೆ ಕೊಪ್ಪಳ ನಗರದ ಅಶೋಕ ವೃತ್ತದ ಬಳಿ ನಡೆದಿದೆ. ನಗರದ ಈಶ್ವರ ಪಾರ್ಕ್ ನಿಂದ ಪ್ರತಿಭಟನಾ ಮೆರವಣಿಗೆಯ ಮೂಲಕ ಅಶೋಕ ವೃತ್ತದ ಬಳಿ ಬಂದ ಪ್ರತಿಭಟನಾಕಾರರು ಬೃಹತ್ ಮಾನವ ಸರಪಳಿಯನ್ನು ರಚಿಸಿದರು. ಈ ವೇಳೆ ಸಂಚಾರ ದಟ್ಟಣೆ ಉಂಟಾದ ಕಾರಣಕ್ಕಾಗಿ ಪೊಲೀಸರು ಪ್ರತಿಭಟನೆಯಲ್ಲಿ ಭಾಗಿಯಾಗಿದ್ದ ಅನೇಕ ಮುಖಂಡರನ್ನು ಬಂಧಿಸಿ, ಬಸ್‌ನಲ್ಲಿ ಪೊಲೀಸ್ ಠಾಣೆಗೆ ಕರೆದುಕೊಂಡು ಹೋಗಿದ್ದಾರೆ.

ರಾಜ್ಯೋತ್ಸವ ಪ್ರಶಸ್ತಿ ಪುರಸ್ಕೃತರಾದ ಅಲ್ಲಮ ಪ್ರಭು ಬೆಟದೂರು, ಡಿ ಹೆಚ್ ಪೂಜಾರ್, ಕೆ.ಬಿ.ಗೋನಾಳ, ಬಸವರಾಜ ಶೀಲವಂತರ್, ಎಸ್.ಎ.ಗಫರ್, ಸೇರಿದಂತೆ ಅನೇಕ ಮುಖಂಡರನ್ನು ಪೊಲೀಸರು ಬಂಧಿಸಿದ್ದಾರೆ.
